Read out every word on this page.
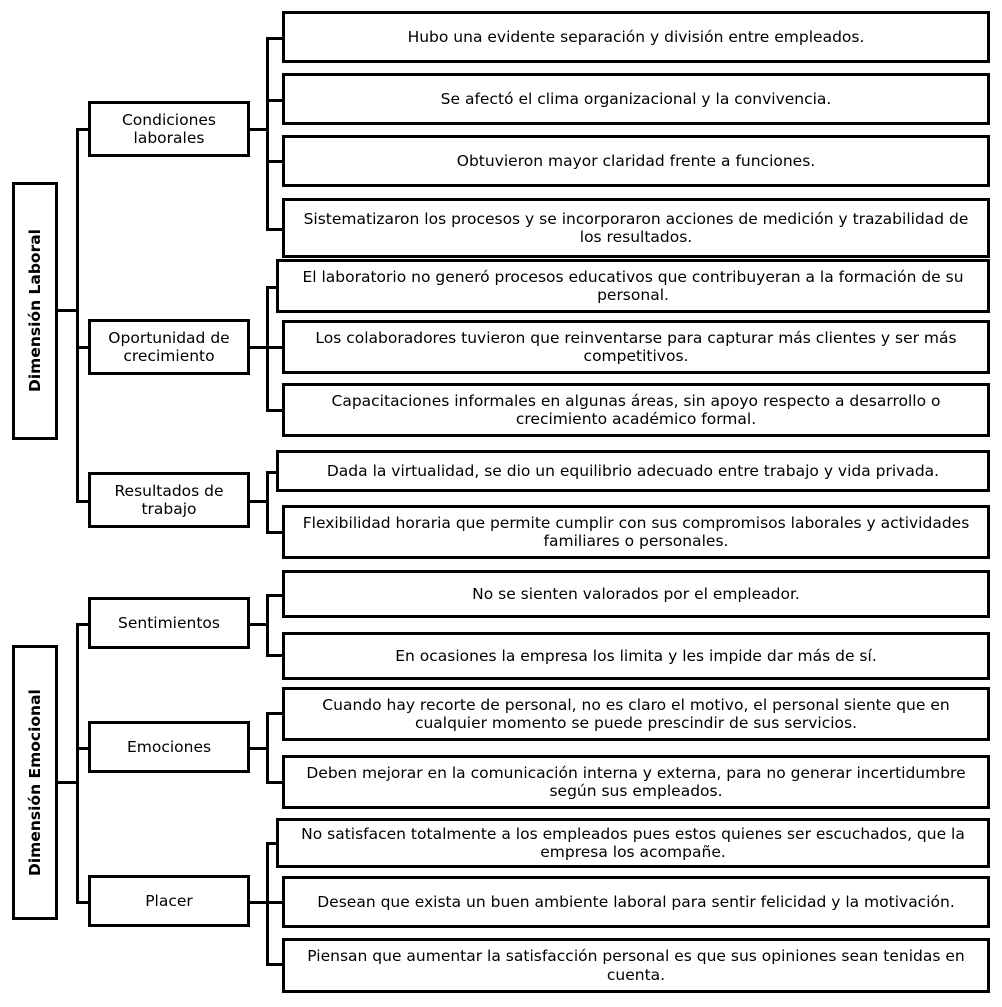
Dimensión Laboral
Condiciones laborales
Hubo una evidente separación y división entre empleados.
Se afectó el clima organizacional y la convivencia.
Obtuvieron mayor claridad frente a funciones.
Sistematizaron los procesos y se incorporaron acciones de medición y trazabilidad de los resultados.
Oportunidad de crecimiento
El laboratorio no generó procesos educativos que contribuyeran a la formación de su personal.
Los colaboradores tuvieron que reinventarse para capturar más clientes y ser más competitivos.
Capacitaciones informales en algunas áreas, sin apoyo respecto a desarrollo o crecimiento académico formal.
Resultados de trabajo
Dada la virtualidad, se dio un equilibrio adecuado entre trabajo y vida privada.
Flexibilidad horaria que permite cumplir con sus compromisos laborales y actividades familiares o personales.
Dimensión Emocional
Sentimientos
No se sienten valorados por el empleador.
En ocasiones la empresa los limita y les impide dar más de sí.
Emociones
Cuando hay recorte de personal, no es claro el motivo, el personal siente que en cualquier momento se puede prescindir de sus servicios.
Deben mejorar en la comunicación interna y externa, para no generar incertidumbre según sus empleados.
Placer
No satisfacen totalmente a los empleados pues estos quienes ser escuchados, que la empresa los acompañe.
Desean que exista un buen ambiente laboral para sentir felicidad y la motivación.
Piensan que aumentar la satisfacción personal es que sus opiniones sean tenidas en cuenta.
